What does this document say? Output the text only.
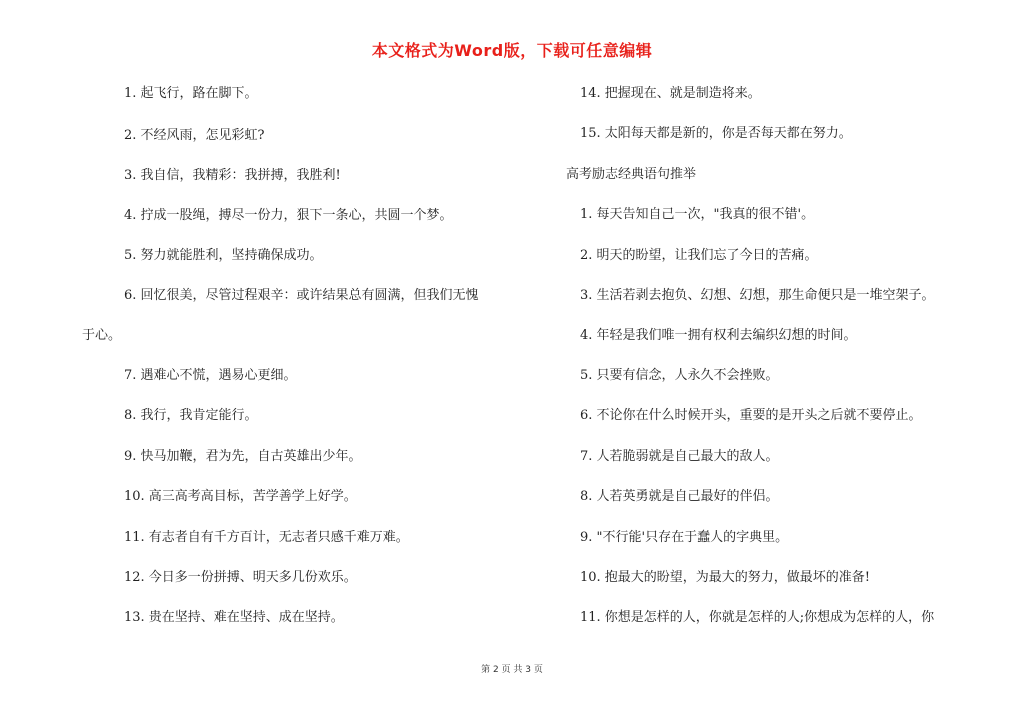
本文格式为Word版，下载可任意编辑
1. 起飞行，路在脚下。
2. 不经风雨，怎见彩虹?
3. 我自信，我精彩：我拼搏，我胜利!
4. 拧成一股绳，搏尽一份力，狠下一条心，共圆一个梦。
5. 努力就能胜利，坚持确保成功。
6. 回忆很美，尽管过程艰辛：或许结果总有圆满，但我们无愧
于心。
7. 遇难心不慌，遇易心更细。
8. 我行，我肯定能行。
9. 快马加鞭，君为先，自古英雄出少年。
10. 高三高考高目标，苦学善学上好学。
11. 有志者自有千方百计，无志者只感千难万难。
12. 今日多一份拼搏、明天多几份欢乐。
13. 贵在坚持、难在坚持、成在坚持。
14. 把握现在、就是制造将来。
15. 太阳每天都是新的，你是否每天都在努力。
高考励志经典语句推举
1. 每天告知自己一次，"我真的很不错'。
2. 明天的盼望，让我们忘了今日的苦痛。
3. 生活若剥去抱负、幻想、幻想，那生命便只是一堆空架子。
4. 年轻是我们唯一拥有权利去编织幻想的时间。
5. 只要有信念，人永久不会挫败。
6. 不论你在什么时候开头，重要的是开头之后就不要停止。
7. 人若脆弱就是自己最大的敌人。
8. 人若英勇就是自己最好的伴侣。
9. "不行能'只存在于蠢人的字典里。
10. 抱最大的盼望，为最大的努力，做最坏的准备!
11. 你想是怎样的人，你就是怎样的人;你想成为怎样的人，你
第 2 页 共 3 页
